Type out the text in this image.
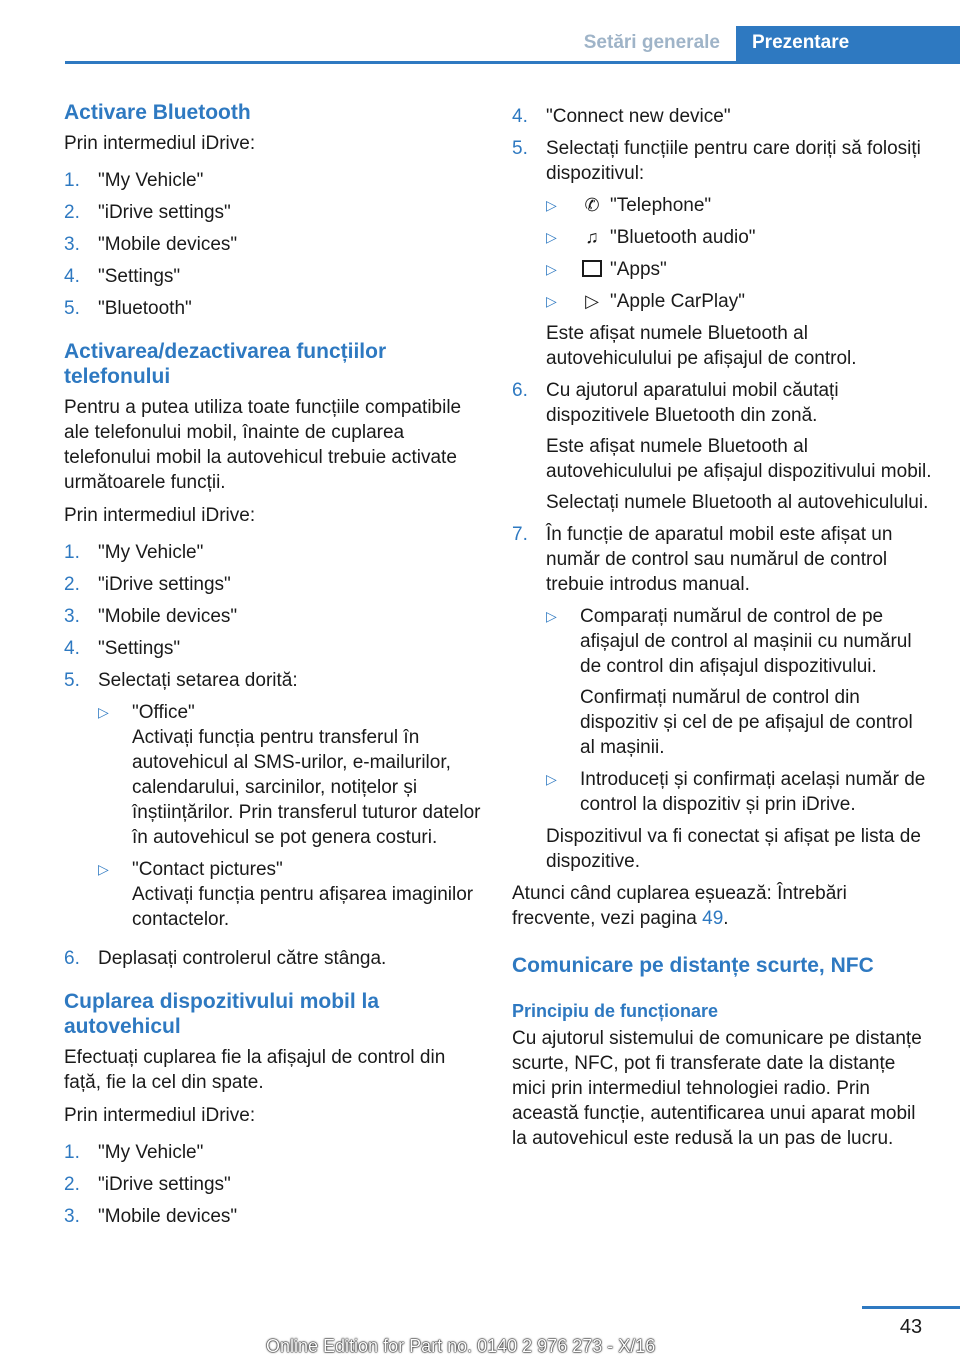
Setări generale	Prezentare
Activare Bluetooth
Prin intermediul iDrive:
1. "My Vehicle"
2. "iDrive settings"
3. "Mobile devices"
4. "Settings"
5. "Bluetooth"
Activarea/dezactivarea funcțiilor telefonului
Pentru a putea utiliza toate funcțiile compatibile ale telefonului mobil, înainte de cuplarea telefonului mobil la autovehicul trebuie activate următoarele funcții.
Prin intermediul iDrive:
1. "My Vehicle"
2. "iDrive settings"
3. "Mobile devices"
4. "Settings"
5. Selectați setarea dorită:
▷	"Office"
Activați funcția pentru transferul în autovehicul al SMS-urilor, e-mailurilor, calendarului, sarcinilor, notițelor și înștiințărilor. Prin transferul tuturor datelor în autovehicul se pot genera costuri.
▷	"Contact pictures"
Activați funcția pentru afișarea imaginilor contactelor.
6. Deplasați controlerul către stânga.
Cuplarea dispozitivului mobil la autovehicul
Efectuați cuplarea fie la afișajul de control din față, fie la cel din spate.
Prin intermediul iDrive:
1. "My Vehicle"
2. "iDrive settings"
3. "Mobile devices"
4. "Connect new device"
5. Selectați funcțiile pentru care doriți să folosiți dispozitivul:
▷	✆ "Telephone"
▷	♫ "Bluetooth audio"
▷	"Apps"
▷	▷ "Apple CarPlay"
Este afișat numele Bluetooth al autovehiculului pe afișajul de control.
6. Cu ajutorul aparatului mobil căutați dispozitivele Bluetooth din zonă.
Este afișat numele Bluetooth al autovehiculului pe afișajul dispozitivului mobil.
Selectați numele Bluetooth al autovehiculului.
7. În funcție de aparatul mobil este afișat un număr de control sau numărul de control trebuie introdus manual.
▷	Comparați numărul de control de pe afișajul de control al mașinii cu numărul de control din afișajul dispozitivului.
Confirmați numărul de control din dispozitiv și cel de pe afișajul de control al mașinii.
▷	Introduceți și confirmați același număr de control la dispozitiv și prin iDrive.
Dispozitivul va fi conectat și afișat pe lista de dispozitive.
Atunci când cuplarea eșuează: Întrebări frecvente, vezi pagina 49.
Comunicare pe distanțe scurte, NFC
Principiu de funcționare
Cu ajutorul sistemului de comunicare pe distanțe scurte, NFC, pot fi transferate date la distanțe mici prin intermediul tehnologiei radio. Prin această funcție, autentificarea unui aparat mobil la autovehicul este redusă la un pas de lucru.
43
Online Edition for Part no. 0140 2 976 273 - X/16
